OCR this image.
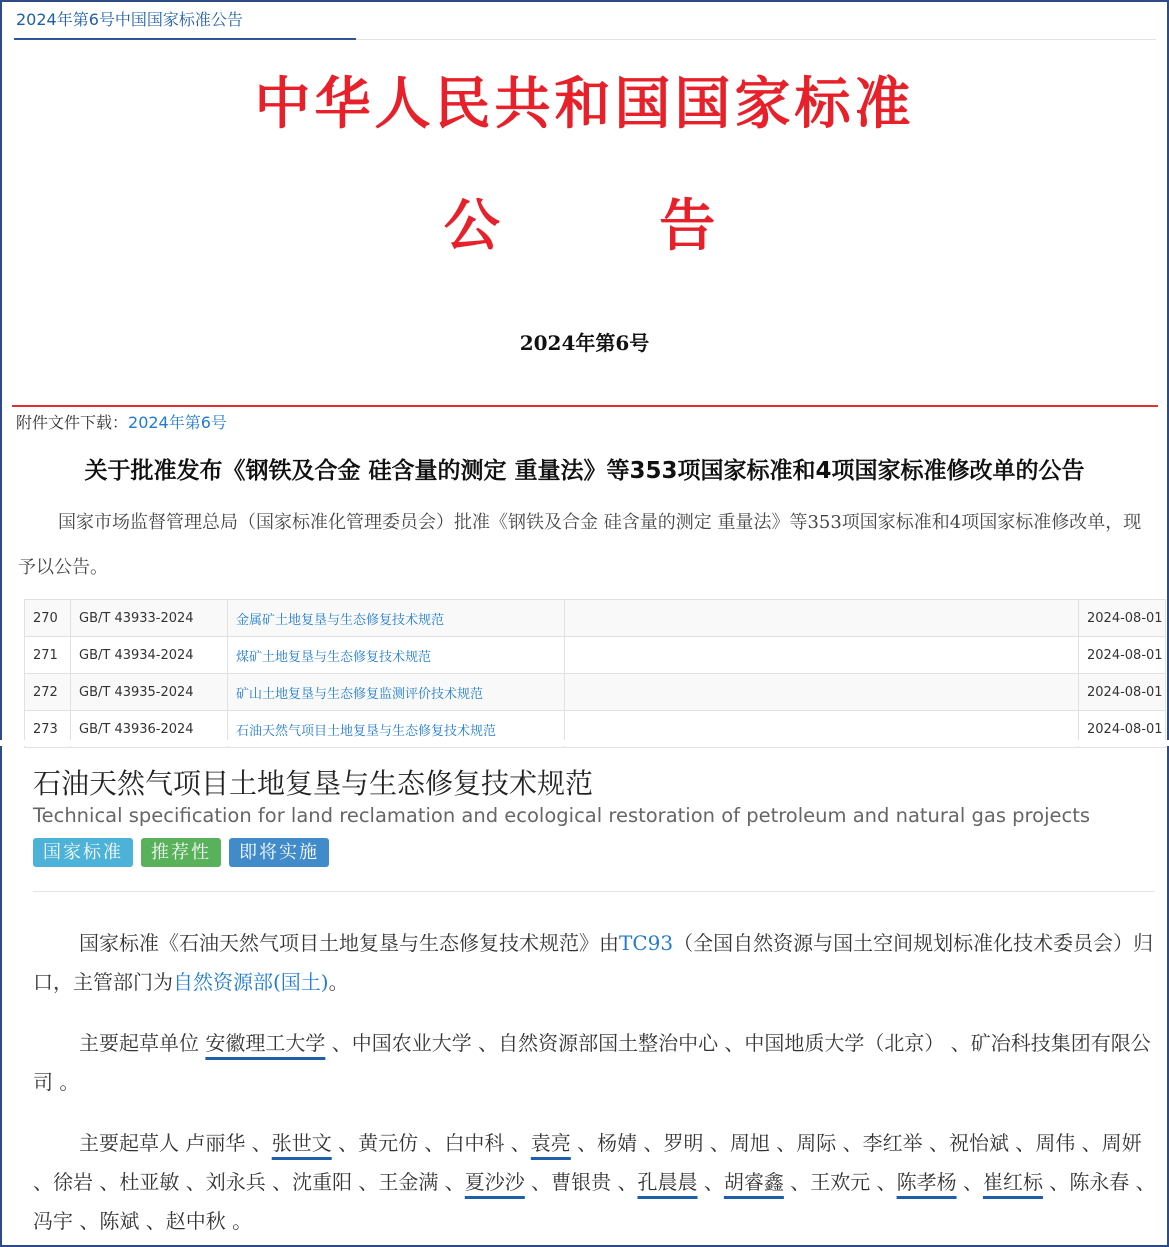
2024年第6号中国国家标准公告
中华人民共和国国家标准
公 告
2024年第6号
附件文件下载：2024年第6号
关于批准发布《钢铁及合金 硅含量的测定 重量法》等353项国家标准和4项国家标准修改单的公告
国家市场监督管理总局（国家标准化管理委员会）批准《钢铁及合金 硅含量的测定 重量法》等353项国家标准和4项国家标准修改单，现予以公告。
270	GB/T 43933-2024	金属矿土地复垦与生态修复技术规范		2024-08-01
271	GB/T 43934-2024	煤矿土地复垦与生态修复技术规范		2024-08-01
272	GB/T 43935-2024	矿山土地复垦与生态修复监测评价技术规范		2024-08-01
273	GB/T 43936-2024	石油天然气项目土地复垦与生态修复技术规范		2024-08-01
石油天然气项目土地复垦与生态修复技术规范
Technical specification for land reclamation and ecological restoration of petroleum and natural gas projects
国家标准	推荐性	即将实施
国家标准《石油天然气项目土地复垦与生态修复技术规范》由TC93（全国自然资源与国土空间规划标准化技术委员会）归口，主管部门为自然资源部(国土)。
主要起草单位 安徽理工大学 、中国农业大学 、自然资源部国土整治中心 、中国地质大学（北京） 、矿冶科技集团有限公司 。
主要起草人 卢丽华 、张世文 、黄元仿 、白中科 、袁亮 、杨婧 、罗明 、周旭 、周际 、李红举 、祝怡斌 、周伟 、周妍 、徐岩 、杜亚敏 、刘永兵 、沈重阳 、王金满 、夏沙沙 、曹银贵 、孔晨晨 、胡睿鑫 、王欢元 、陈孝杨 、崔红标 、陈永春 、冯宇 、陈斌 、赵中秋 。
